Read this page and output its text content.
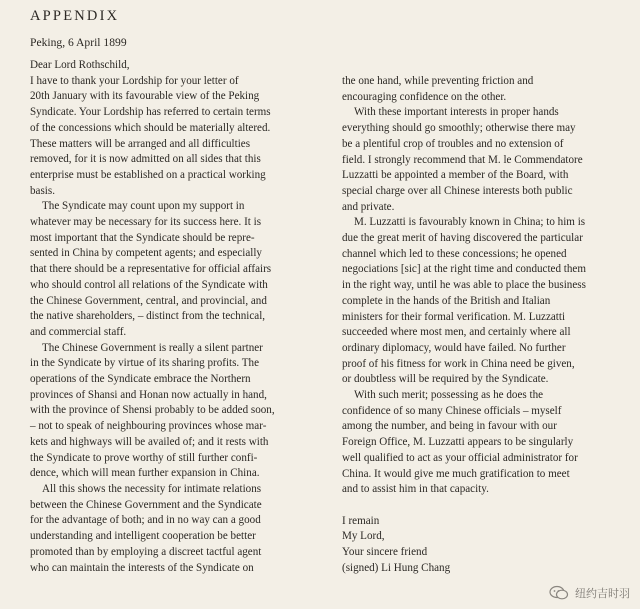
APPENDIX

Peking, 6 April 1899

Dear Lord Rothschild,
I have to thank your Lordship for your letter of
20th January with its favourable view of the Peking
Syndicate. Your Lordship has referred to certain terms
of the concessions which should be materially altered.
These matters will be arranged and all difficulties
removed, for it is now admitted on all sides that this
enterprise must be established on a practical working
basis.
The Syndicate may count upon my support in
whatever may be necessary for its success here. It is
most important that the Syndicate should be repre-
sented in China by competent agents; and especially
that there should be a representative for official affairs
who should control all relations of the Syndicate with
the Chinese Government, central, and provincial, and
the native shareholders, – distinct from the technical,
and commercial staff.
The Chinese Government is really a silent partner
in the Syndicate by virtue of its sharing profits. The
operations of the Syndicate embrace the Northern
provinces of Shansi and Honan now actually in hand,
with the province of Shensi probably to be added soon,
– not to speak of neighbouring provinces whose mar-
kets and highways will be availed of; and it rests with
the Syndicate to prove worthy of still further confi-
dence, which will mean further expansion in China.
All this shows the necessity for intimate relations
between the Chinese Government and the Syndicate
for the advantage of both; and in no way can a good
understanding and intelligent cooperation be better
promoted than by employing a discreet tactful agent
who can maintain the interests of the Syndicate on
the one hand, while preventing friction and
encouraging confidence on the other.
With these important interests in proper hands
everything should go smoothly; otherwise there may
be a plentiful crop of troubles and no extension of
field. I strongly recommend that M. le Commendatore
Luzzatti be appointed a member of the Board, with
special charge over all Chinese interests both public
and private.
M. Luzzatti is favourably known in China; to him is
due the great merit of having discovered the particular
channel which led to these concessions; he opened
negociations [sic] at the right time and conducted them
in the right way, until he was able to place the business
complete in the hands of the British and Italian
ministers for their formal verification. M. Luzzatti
succeeded where most men, and certainly where all
ordinary diplomacy, would have failed. No further
proof of his fitness for work in China need be given,
or doubtless will be required by the Syndicate.
With such merit; possessing as he does the
confidence of so many Chinese officials – myself
among the number, and being in favour with our
Foreign Office, M. Luzzatti appears to be singularly
well qualified to act as your official administrator for
China. It would give me much gratification to meet
and to assist him in that capacity.
I remain
My Lord,
Your sincere friend
(signed) Li Hung Chang
纽约吉时羽
